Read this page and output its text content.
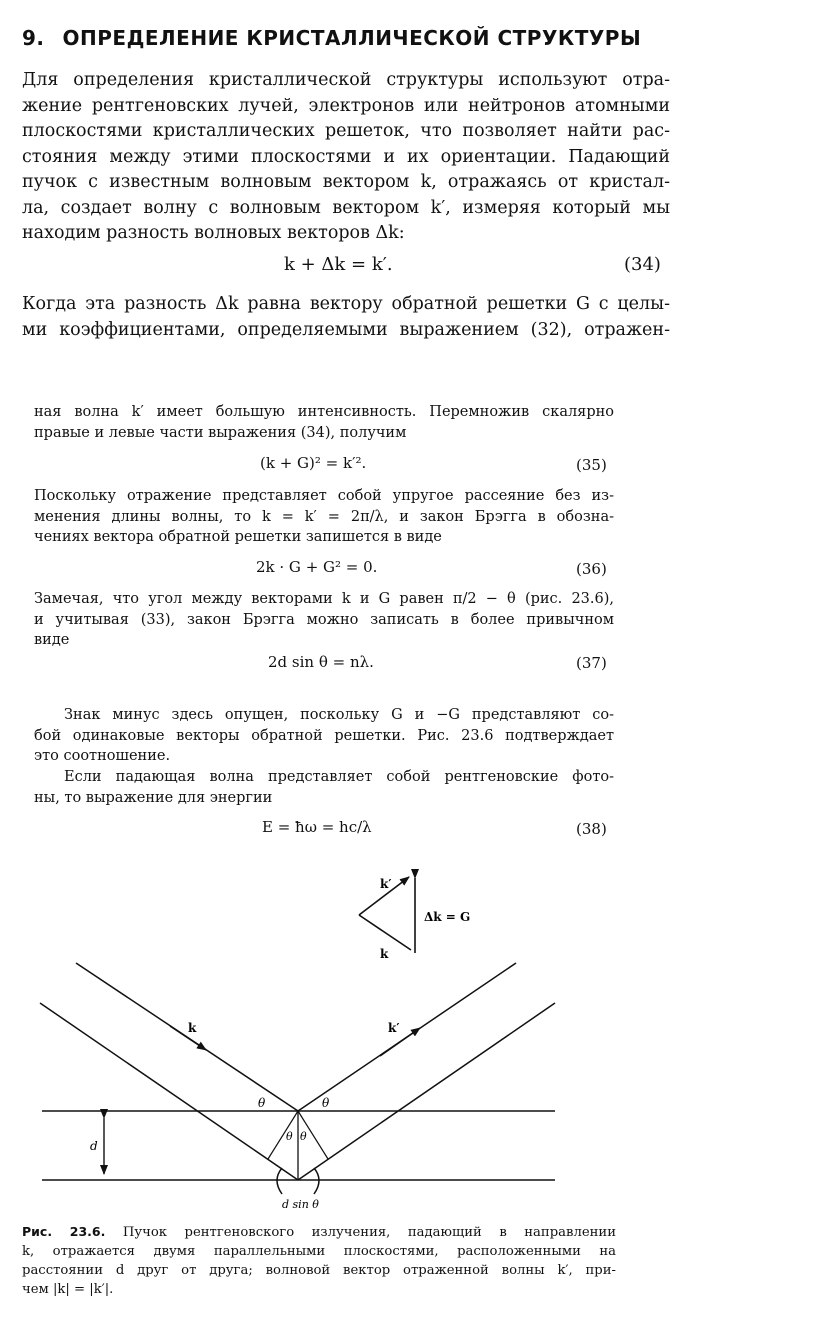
9. ОПРЕДЕЛЕНИЕ КРИСТАЛЛИЧЕСКОЙ СТРУКТУРЫ

Для определения кристаллической структуры используют отра-

жение рентгеновских лучей, электронов или нейтронов атомными

плоскостями кристаллических решеток, что позволяет найти рас-

стояния между этими плоскостями и их ориентации. Падающий

пучок с известным волновым вектором k, отражаясь от кристал-

ла, создает волну с волновым вектором k′, измеряя который мы

находим разность волновых векторов Δk:

k + Δk = k′.	(34)

Когда эта разность Δk равна вектору обратной решетки G с целы-

ми коэффициентами, определяемыми выражением (32), отражен-

ная волна k′ имеет большую интенсивность. Перемножив скалярно

правые и левые части выражения (34), получим

(k + G)² = k′².	(35)

Поскольку отражение представляет собой упругое рассеяние без из-

менения длины волны, то k = k′ = 2π/λ, и закон Брэгга в обозна-

чениях вектора обратной решетки запишется в виде

2k · G + G² = 0.	(36)

Замечая, что угол между векторами k и G равен π/2 − θ (рис. 23.6),

и учитывая (33), закон Брэгга можно записать в более привычном

виде

2d sin θ = nλ.	(37)

Знак минус здесь опущен, поскольку G и −G представляют со-

бой одинаковые векторы обратной решетки. Рис. 23.6 подтверждает

это соотношение.

Если падающая волна представляет собой рентгеновские фото-

ны, то выражение для энергии

E = ħω = hc/λ	(38)
k′
Δk = G
k
k	k′
θ	θ
θ θ
d
d sin θ
Рис. 23.6. Пучок рентгеновского излучения, падающий в направлении
k, отражается двумя параллельными плоскостями, расположенными на
расстоянии d друг от друга; волновой вектор отраженной волны k′, при-
чем |k| = |k′|.
